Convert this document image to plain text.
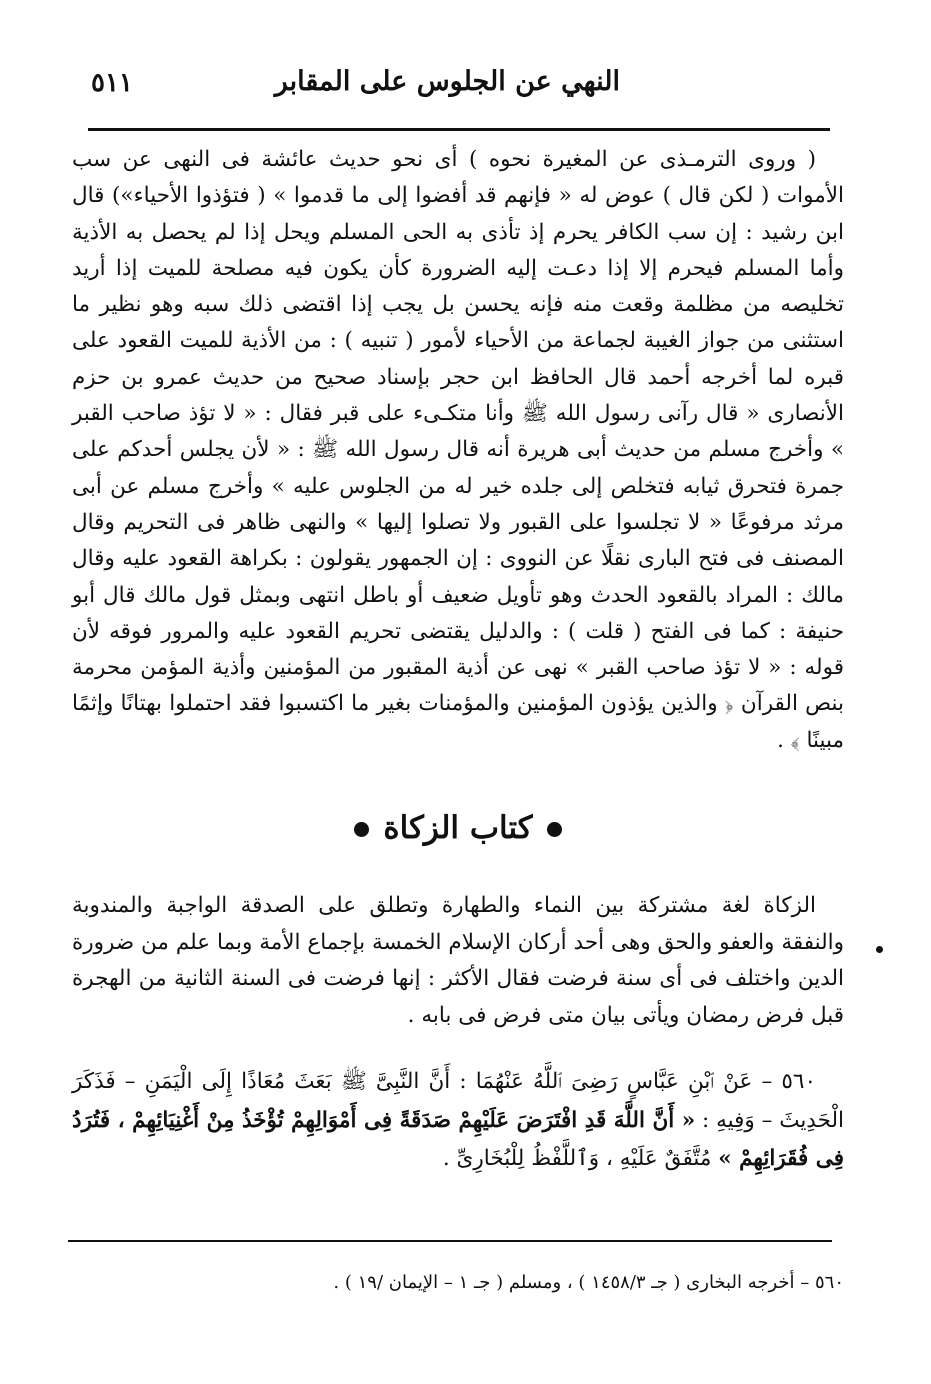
النهي عن الجلوس على المقابر
٥١١

( وروى الترمـذى عن المغيرة نحوه ) أى نحو حديث عائشة فى النهى عن سب الأموات ( لكن قال ) عوض له « فإنهم قد أفضوا إلى ما قدموا » ( فتؤذوا الأحياء») قال ابن رشيد : إن سب الكافر يحرم إذ تأذى به الحى المسلم ويحل إذا لم يحصل به الأذية وأما المسلم فيحرم إلا إذا دعـت إليه الضرورة كأن يكون فيه مصلحة للميت إذا أريد تخليصه من مظلمة وقعت منه فإنه يحسن بل يجب إذا اقتضى ذلك سبه وهو نظير ما استثنى من جواز الغيبة لجماعة من الأحياء لأمور ( تنبيه ) : من الأذية للميت القعود على قبره لما أخرجه أحمد قال الحافظ ابن حجر بإسناد صحيح من حديث عمرو بن حزم الأنصارى « قال رآنى رسول الله ﷺ وأنا متكـىء على قبر فقال : « لا تؤذ صاحب القبر » وأخرج مسلم من حديث أبى هريرة أنه قال رسول الله ﷺ : « لأن يجلس أحدكم على جمرة فتحرق ثيابه فتخلص إلى جلده خير له من الجلوس عليه » وأخرج مسلم عن أبى مرثد مرفوعًا « لا تجلسوا على القبور ولا تصلوا إليها » والنهى ظاهر فى التحريم وقال المصنف فى فتح البارى نقلًا عن النووى : إن الجمهور يقولون : بكراهة القعود عليه وقال مالك : المراد بالقعود الحدث وهو تأويل ضعيف أو باطل انتهى وبمثل قول مالك قال أبو حنيفة : كما فى الفتح ( قلت ) : والدليل يقتضى تحريم القعود عليه والمرور فوقه لأن قوله : « لا تؤذ صاحب القبر » نهى عن أذية المقبور من المؤمنين وأذية المؤمن محرمة بنص القرآن ﴿ والذين يؤذون المؤمنين والمؤمنات بغير ما اكتسبوا فقد احتملوا بهتانًا وإثمًا مبينًا ﴾ .

كتاب الزكاة

الزكاة لغة مشتركة بين النماء والطهارة وتطلق على الصدقة الواجبة والمندوبة والنفقة والعفو والحق وهى أحد أركان الإسلام الخمسة بإجماع الأمة وبما علم من ضرورة الدين واختلف فى أى سنة فرضت فقال الأكثر : إنها فرضت فى السنة الثانية من الهجرة قبل فرض رمضان ويأتى بيان متى فرض فى بابه .

٥٦٠ – عَنْ ٱبْنِ عَبَّاسٍ رَضِىَ ٱللَّهُ عَنْهُمَا : أَنَّ النَّبِىَّ ﷺ بَعَثَ مُعَاذًا إِلَى الْيَمَنِ – فَذَكَرَ الْحَدِيثَ – وَفِيهِ : « أَنَّ اللَّهَ قَدِ افْتَرَضَ عَلَيْهِمْ صَدَقَةً فِى أَمْوَالِهِمْ تُؤْخَذُ مِنْ أَغْنِيَائِهِمْ ، فَتُرَدُ فِى فُقَرَائِهِمْ » مُتَّفَقٌ عَلَيْهِ ، وَٱللَّفْظُ لِلْبُخَارِىِّ .

٥٦٠ – أخرجه البخارى ( جـ ١٤٥٨/٣ ) ، ومسلم ( جـ ١ – الإيمان /١٩ ) .
